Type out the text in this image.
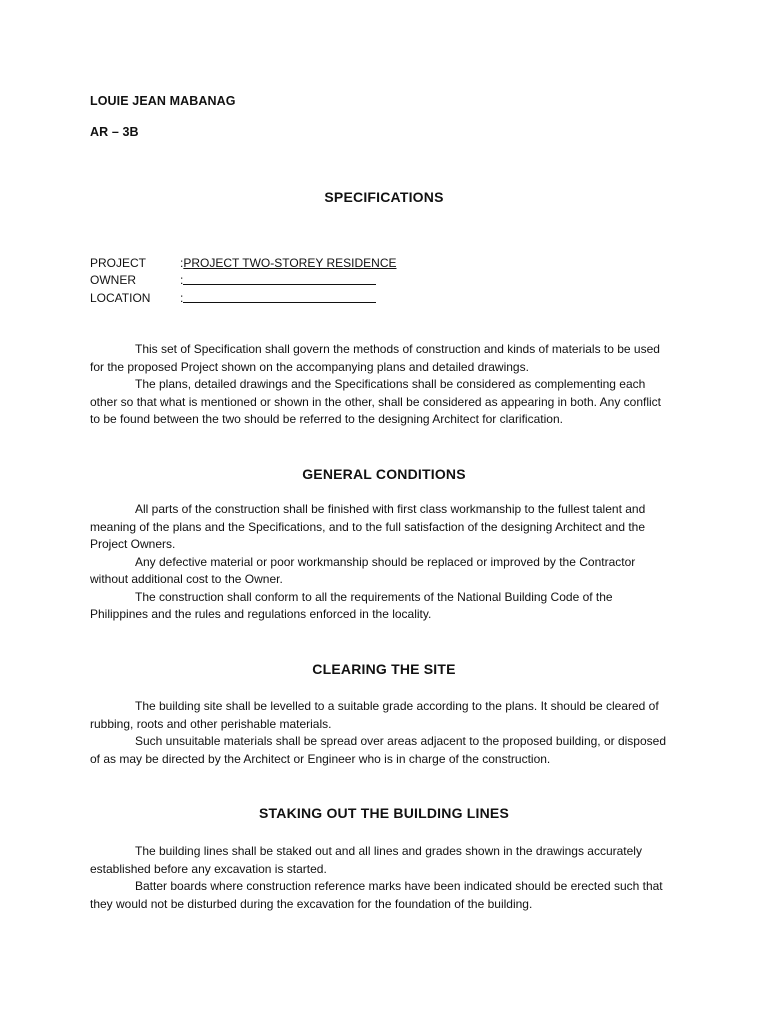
LOUIE JEAN MABANAG
AR – 3B
SPECIFICATIONS
PROJECT	:PROJECT TWO-STOREY RESIDENCE
OWNER	:
LOCATION :

This set of Specification shall govern the methods of construction and kinds of materials to be used for the proposed Project shown on the accompanying plans and detailed drawings.

The plans, detailed drawings and the Specifications shall be considered as complementing each other so that what is mentioned or shown in the other, shall be considered as appearing in both. Any conflict to be found between the two should be referred to the designing Architect for clarification.

GENERAL CONDITIONS

All parts of the construction shall be finished with first class workmanship to the fullest talent and meaning of the plans and the Specifications, and to the full satisfaction of the designing Architect and the Project Owners.

Any defective material or poor workmanship should be replaced or improved by the Contractor without additional cost to the Owner.

The construction shall conform to all the requirements of the National Building Code of the Philippines and the rules and regulations enforced in the locality.

CLEARING THE SITE

The building site shall be levelled to a suitable grade according to the plans. It should be cleared of rubbing, roots and other perishable materials.

Such unsuitable materials shall be spread over areas adjacent to the proposed building, or disposed of as may be directed by the Architect or Engineer who is in charge of the construction.

STAKING OUT THE BUILDING LINES

The building lines shall be staked out and all lines and grades shown in the drawings accurately established before any excavation is started.

Batter boards where construction reference marks have been indicated should be erected such that they would not be disturbed during the excavation for the foundation of the building.
